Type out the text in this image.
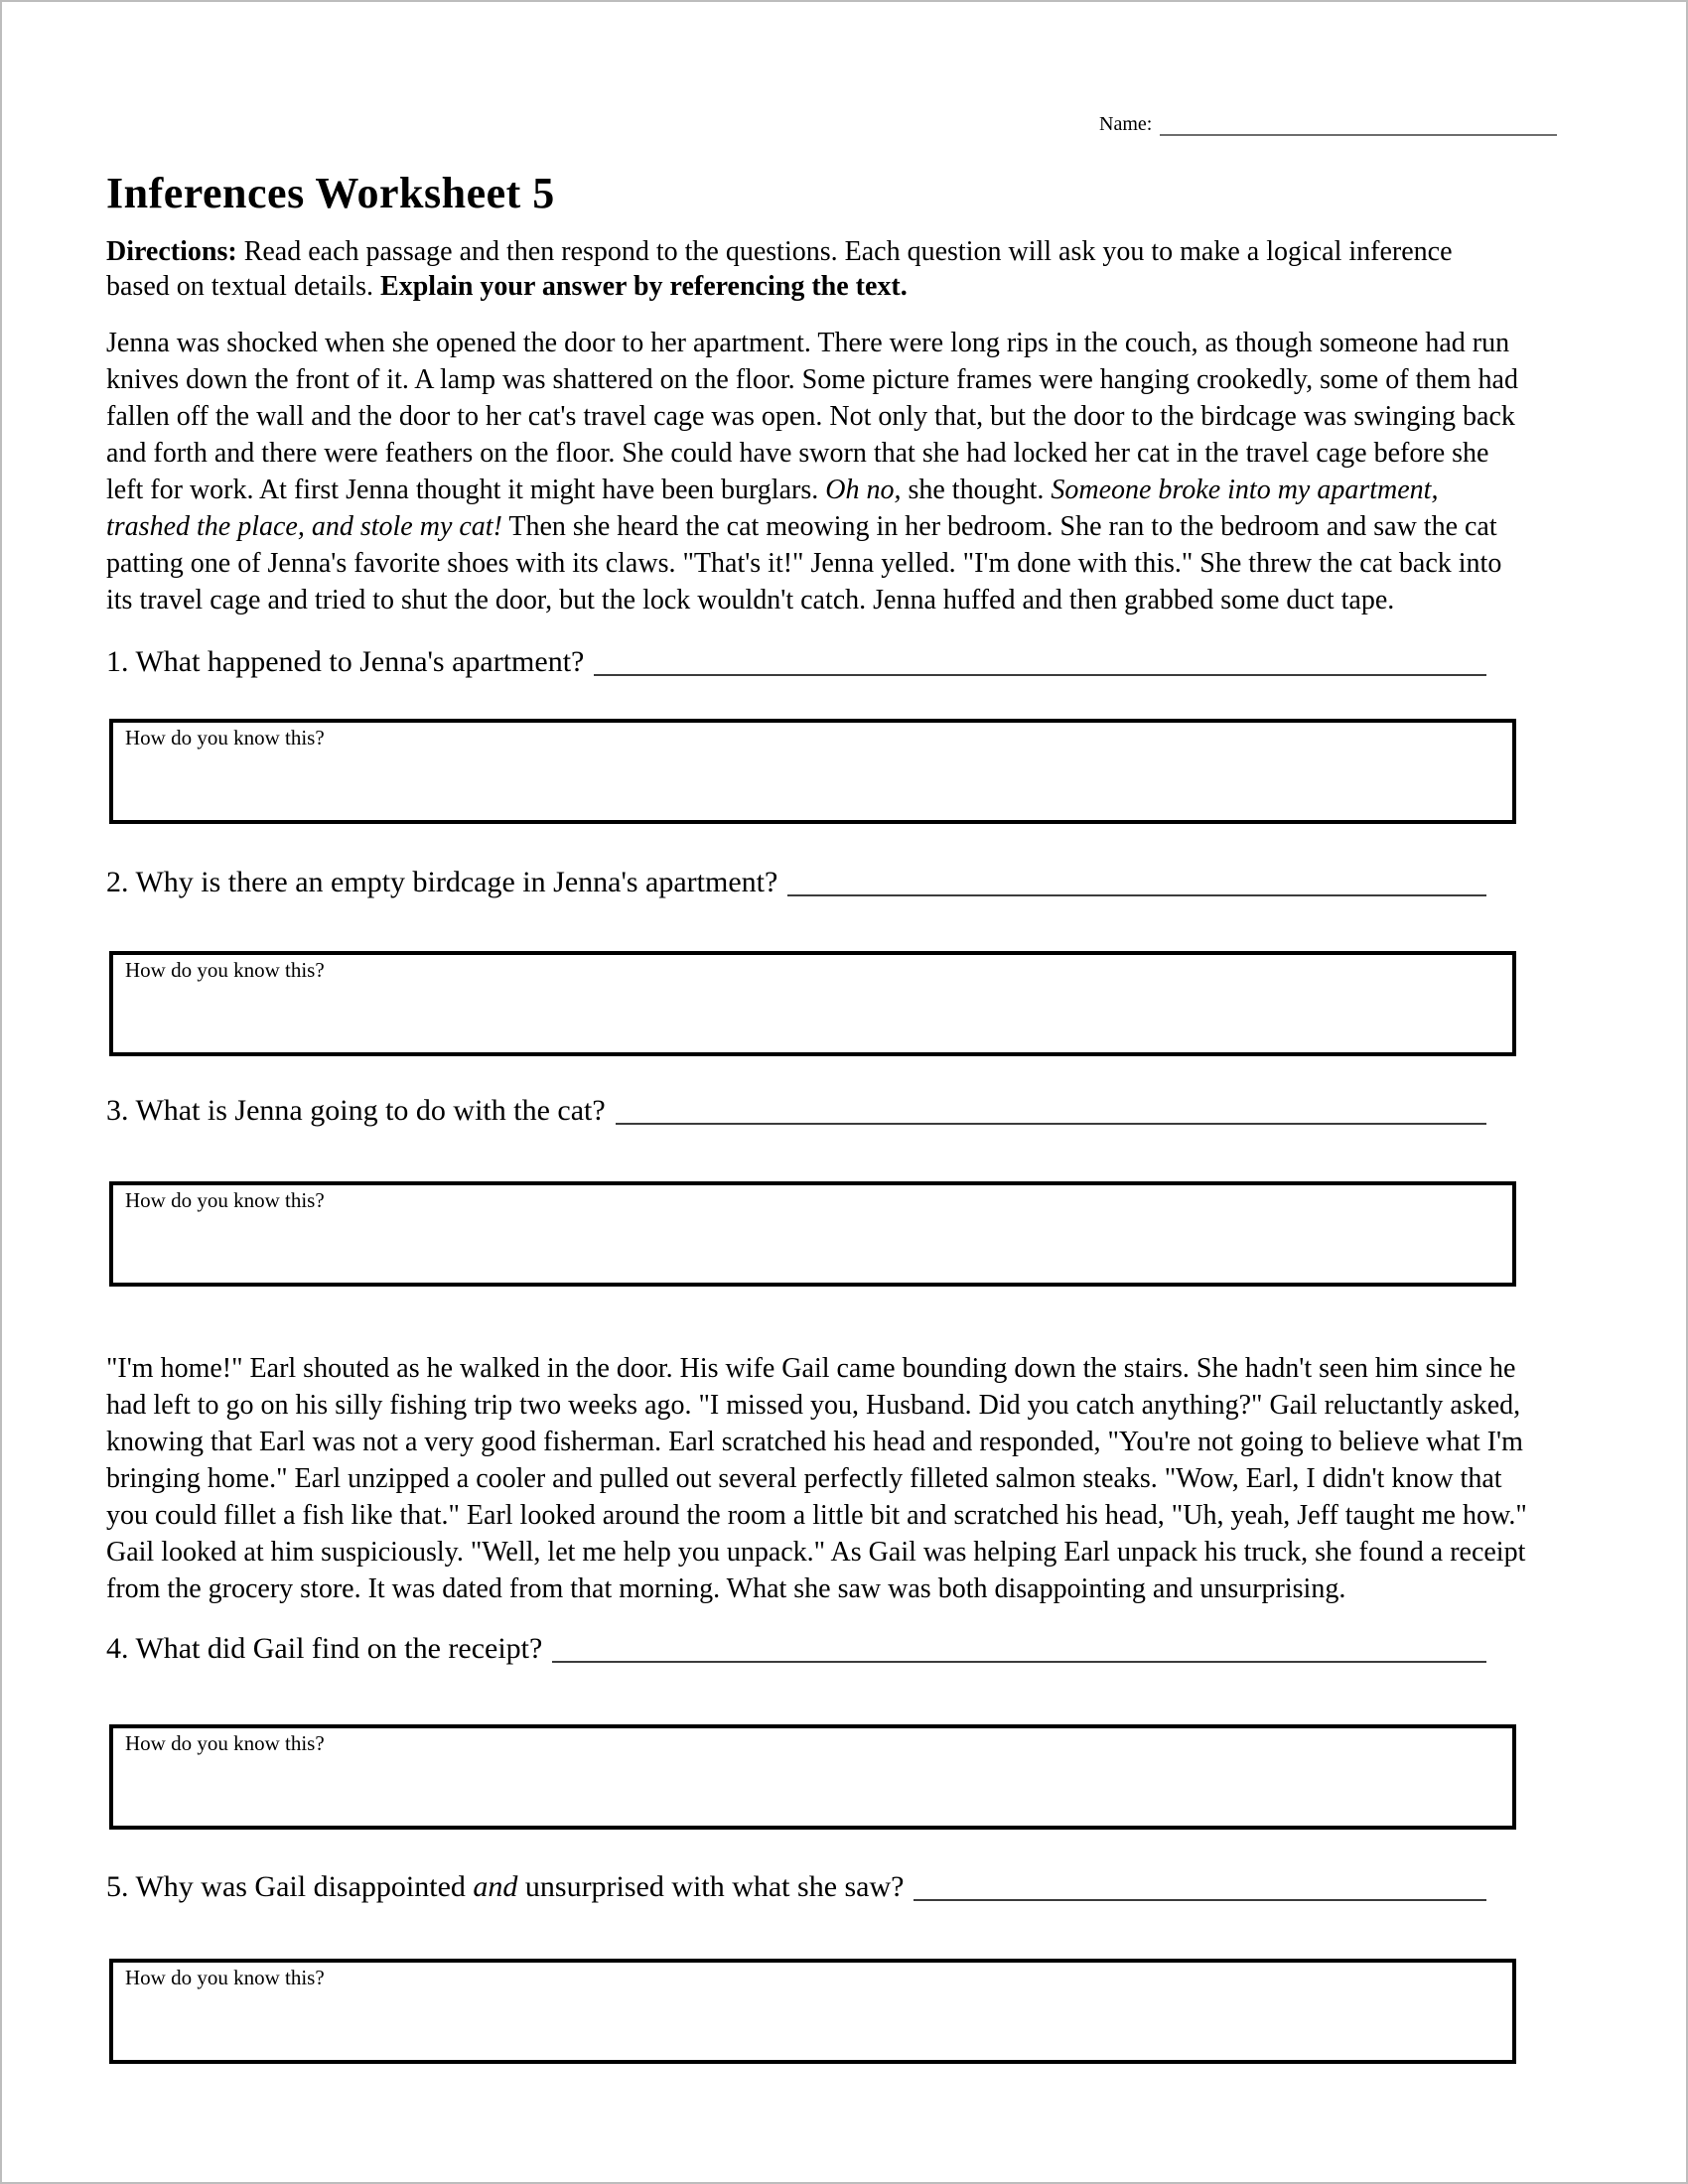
Name:
Inferences Worksheet 5

Directions: Read each passage and then respond to the questions. Each question will ask you to make a logical inference based on textual details. Explain your answer by referencing the text.

Jenna was shocked when she opened the door to her apartment. There were long rips in the couch, as though someone had run knives down the front of it. A lamp was shattered on the floor. Some picture frames were hanging crookedly, some of them had fallen off the wall and the door to her cat's travel cage was open. Not only that, but the door to the birdcage was swinging back and forth and there were feathers on the floor. She could have sworn that she had locked her cat in the travel cage before she left for work. At first Jenna thought it might have been burglars. Oh no, she thought. Someone broke into my apartment, trashed the place, and stole my cat! Then she heard the cat meowing in her bedroom. She ran to the bedroom and saw the cat patting one of Jenna's favorite shoes with its claws. "That's it!" Jenna yelled. "I'm done with this." She threw the cat back into its travel cage and tried to shut the door, but the lock wouldn't catch. Jenna huffed and then grabbed some duct tape.

1. What happened to Jenna's apartment?
How do you know this?
2. Why is there an empty birdcage in Jenna's apartment?
How do you know this?
3. What is Jenna going to do with the cat?
How do you know this?

"I'm home!" Earl shouted as he walked in the door. His wife Gail came bounding down the stairs. She hadn't seen him since he had left to go on his silly fishing trip two weeks ago. "I missed you, Husband. Did you catch anything?" Gail reluctantly asked, knowing that Earl was not a very good fisherman. Earl scratched his head and responded, "You're not going to believe what I'm bringing home." Earl unzipped a cooler and pulled out several perfectly filleted salmon steaks. "Wow, Earl, I didn't know that you could fillet a fish like that." Earl looked around the room a little bit and scratched his head, "Uh, yeah, Jeff taught me how." Gail looked at him suspiciously. "Well, let me help you unpack." As Gail was helping Earl unpack his truck, she found a receipt from the grocery store. It was dated from that morning. What she saw was both disappointing and unsurprising.

4. What did Gail find on the receipt?
How do you know this?
5. Why was Gail disappointed and unsurprised with what she saw?
How do you know this?
